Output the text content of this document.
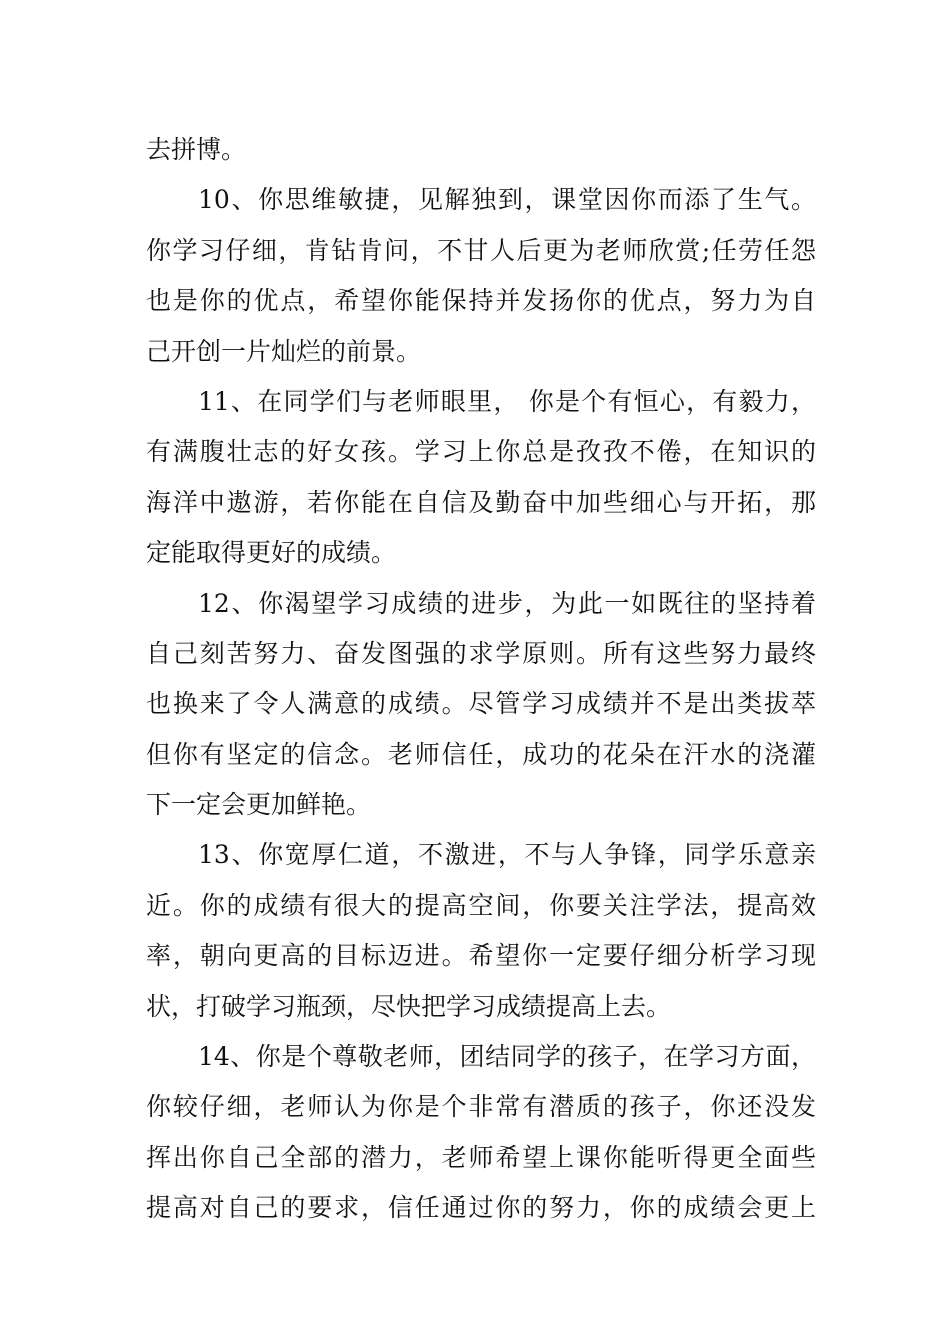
去拼博。
10、你思维敏捷，见解独到，课堂因你而添了生气。
你学习仔细，肯钻肯问，不甘人后更为老师欣赏;任劳任怨
也是你的优点，希望你能保持并发扬你的优点，努力为自
己开创一片灿烂的前景。
11、在同学们与老师眼里， 你是个有恒心，有毅力，
有满腹壮志的好女孩。学习上你总是孜孜不倦，在知识的
海洋中遨游，若你能在自信及勤奋中加些细心与开拓，那
定能取得更好的成绩。
12、你渴望学习成绩的进步，为此一如既往的坚持着
自己刻苦努力、奋发图强的求学原则。所有这些努力最终
也换来了令人满意的成绩。尽管学习成绩并不是出类拔萃
但你有坚定的信念。老师信任，成功的花朵在汗水的浇灌
下一定会更加鲜艳。
13、你宽厚仁道，不激进，不与人争锋，同学乐意亲
近。你的成绩有很大的提高空间，你要关注学法，提高效
率，朝向更高的目标迈进。希望你一定要仔细分析学习现
状，打破学习瓶颈，尽快把学习成绩提高上去。
14、你是个尊敬老师，团结同学的孩子，在学习方面，
你较仔细，老师认为你是个非常有潜质的孩子，你还没发
挥出你自己全部的潜力，老师希望上课你能听得更全面些
提高对自己的要求，信任通过你的努力，你的成绩会更上
